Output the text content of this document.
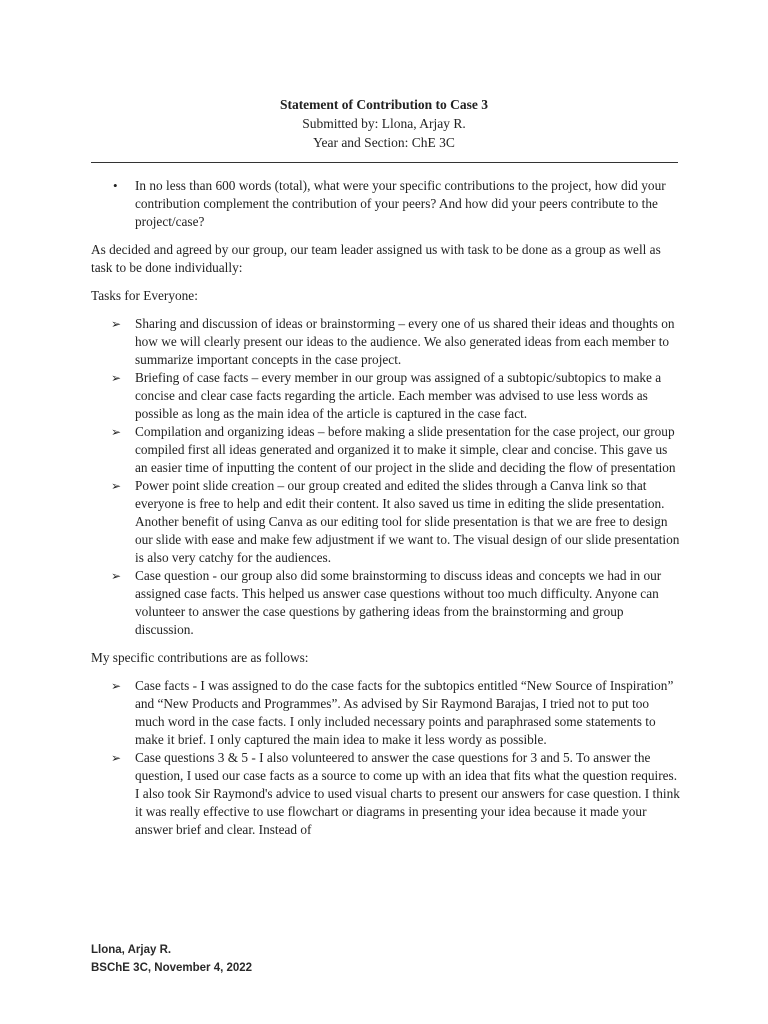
Statement of Contribution to Case 3
Submitted by: Llona, Arjay R.
Year and Section: ChE 3C

• In no less than 600 words (total), what were your specific contributions to the project, how did your contribution complement the contribution of your peers? And how did your peers contribute to the project/case?

As decided and agreed by our group, our team leader assigned us with task to be done as a group as well as task to be done individually:

Tasks for Everyone:

➢ Sharing and discussion of ideas or brainstorming – every one of us shared their ideas and thoughts on how we will clearly present our ideas to the audience. We also generated ideas from each member to summarize important concepts in the case project.
➢ Briefing of case facts – every member in our group was assigned of a subtopic/subtopics to make a concise and clear case facts regarding the article. Each member was advised to use less words as possible as long as the main idea of the article is captured in the case fact.
➢ Compilation and organizing ideas – before making a slide presentation for the case project, our group compiled first all ideas generated and organized it to make it simple, clear and concise. This gave us an easier time of inputting the content of our project in the slide and deciding the flow of presentation
➢ Power point slide creation – our group created and edited the slides through a Canva link so that everyone is free to help and edit their content. It also saved us time in editing the slide presentation. Another benefit of using Canva as our editing tool for slide presentation is that we are free to design our slide with ease and make few adjustment if we want to. The visual design of our slide presentation is also very catchy for the audiences.
➢ Case question - our group also did some brainstorming to discuss ideas and concepts we had in our assigned case facts. This helped us answer case questions without too much difficulty. Anyone can volunteer to answer the case questions by gathering ideas from the brainstorming and group discussion.

My specific contributions are as follows:

➢ Case facts - I was assigned to do the case facts for the subtopics entitled “New Source of Inspiration” and “New Products and Programmes”. As advised by Sir Raymond Barajas, I tried not to put too much word in the case facts. I only included necessary points and paraphrased some statements to make it brief. I only captured the main idea to make it less wordy as possible.
➢ Case questions 3 & 5 - I also volunteered to answer the case questions for 3 and 5. To answer the question, I used our case facts as a source to come up with an idea that fits what the question requires. I also took Sir Raymond's advice to used visual charts to present our answers for case question. I think it was really effective to use flowchart or diagrams in presenting your idea because it made your answer brief and clear. Instead of
Llona, Arjay R.
BSChE 3C, November 4, 2022
